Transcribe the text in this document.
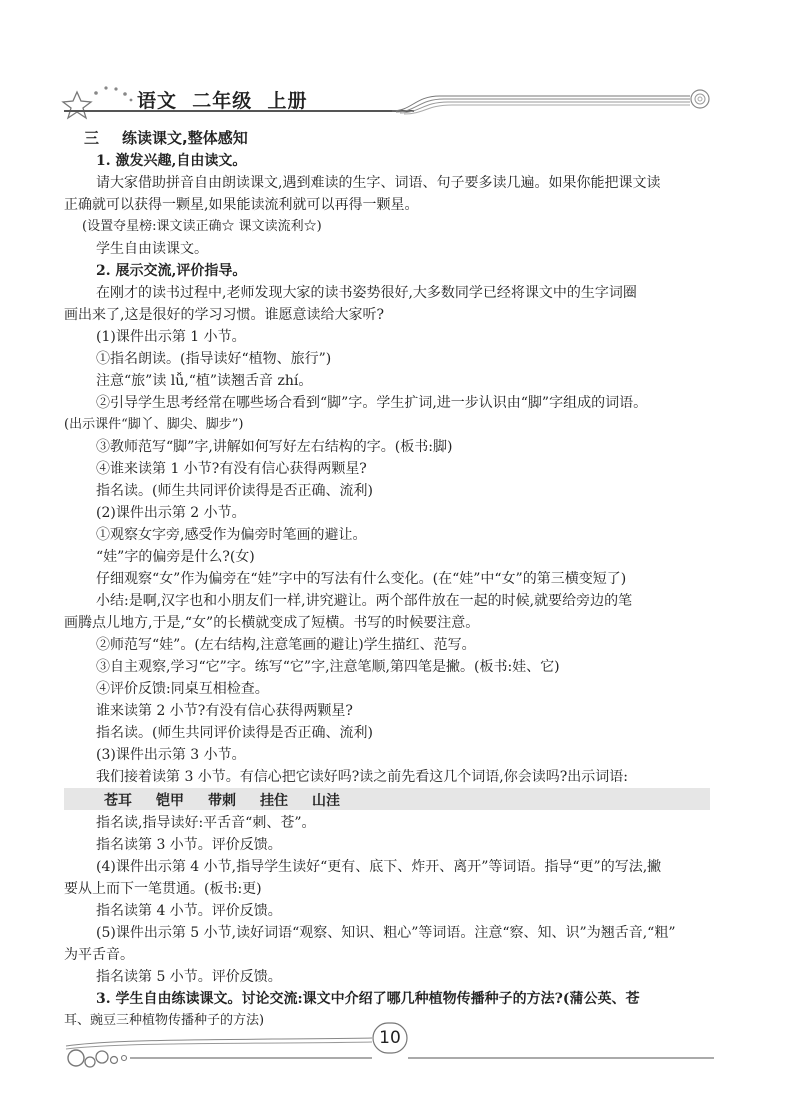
语文  二年级  上册
三 练读课文,整体感知
1. 激发兴趣,自由读文。
请大家借助拼音自由朗读课文,遇到难读的生字、词语、句子要多读几遍。如果你能把课文读
正确就可以获得一颗星,如果能读流利就可以再得一颗星。
(设置夺星榜:课文读正确☆ 课文读流利☆)
学生自由读课文。
2. 展示交流,评价指导。
在刚才的读书过程中,老师发现大家的读书姿势很好,大多数同学已经将课文中的生字词圈
画出来了,这是很好的学习习惯。谁愿意读给大家听?
(1)课件出示第 1 小节。
①指名朗读。(指导读好“植物、旅行”)
注意“旅”读 lǚ,“植”读翘舌音 zhí。
②引导学生思考经常在哪些场合看到“脚”字。学生扩词,进一步认识由“脚”字组成的词语。
(出示课件“脚丫、脚尖、脚步”)
③教师范写“脚”字,讲解如何写好左右结构的字。(板书:脚)
④谁来读第 1 小节?有没有信心获得两颗星?
指名读。(师生共同评价读得是否正确、流利)
(2)课件出示第 2 小节。
①观察女字旁,感受作为偏旁时笔画的避让。
“娃”字的偏旁是什么?(女)
仔细观察“女”作为偏旁在“娃”字中的写法有什么变化。(在“娃”中“女”的第三横变短了)
小结:是啊,汉字也和小朋友们一样,讲究避让。两个部件放在一起的时候,就要给旁边的笔
画腾点儿地方,于是,“女”的长横就变成了短横。书写的时候要注意。
②师范写“娃”。(左右结构,注意笔画的避让)学生描红、范写。
③自主观察,学习“它”字。练写“它”字,注意笔顺,第四笔是撇。(板书:娃、它)
④评价反馈:同桌互相检查。
谁来读第 2 小节?有没有信心获得两颗星?
指名读。(师生共同评价读得是否正确、流利)
(3)课件出示第 3 小节。
我们接着读第 3 小节。有信心把它读好吗?读之前先看这几个词语,你会读吗?出示词语:
苍耳 铠甲 带刺 挂住 山洼
指名读,指导读好:平舌音“刺、苍”。
指名读第 3 小节。评价反馈。
(4)课件出示第 4 小节,指导学生读好“更有、底下、炸开、离开”等词语。指导“更”的写法,撇
要从上而下一笔贯通。(板书:更)
指名读第 4 小节。评价反馈。
(5)课件出示第 5 小节,读好词语“观察、知识、粗心”等词语。注意“察、知、识”为翘舌音,“粗”
为平舌音。
指名读第 5 小节。评价反馈。
3. 学生自由练读课文。讨论交流:课文中介绍了哪几种植物传播种子的方法?(蒲公英、苍
耳、豌豆三种植物传播种子的方法)
10
